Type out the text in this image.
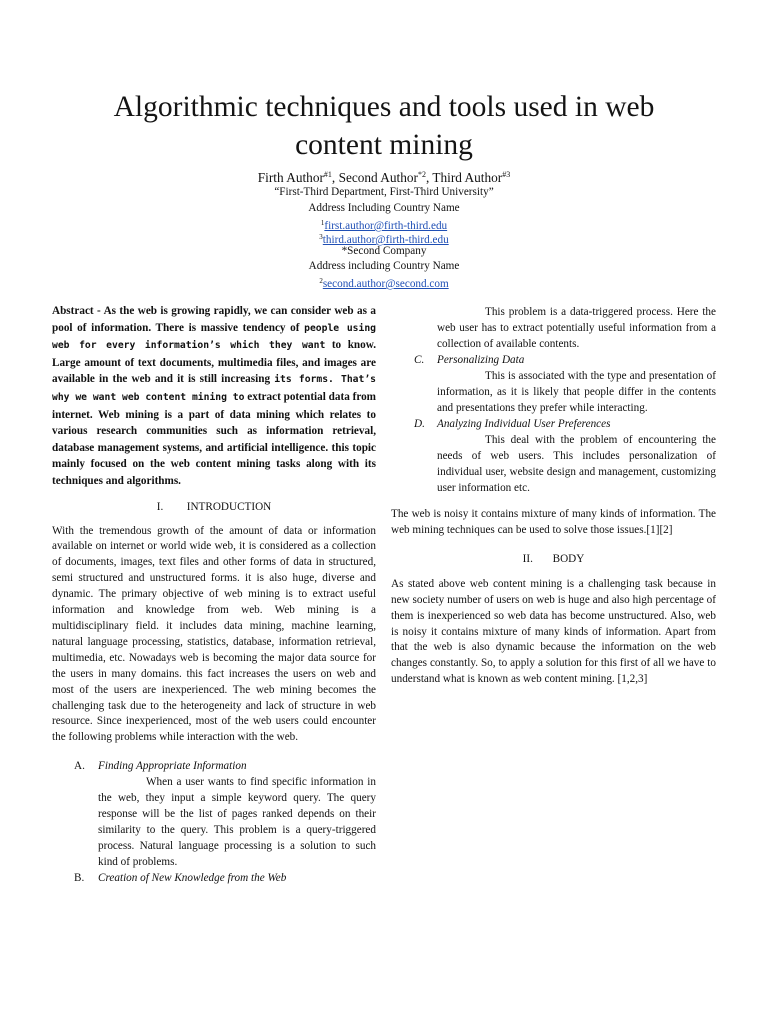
Algorithmic techniques and tools used in web
content mining
Firth Author$^{\#1}$, Second Author$^{*2}$, Third Author$^{\#3}$
“First-Third Department, First-Third University”
Address Including Country Name
$^1$first.author@firth-third.edu
$^3$third.author@firth-third.edu
*Second Company
Address including Country Name
$^2$second.author@second.com
Abstract - As the web is growing rapidly, we can consider web as a pool of information. There is massive tendency of people using web for every information’s which they want to know. Large amount of text documents, multimedia files, and images are available in the web and it is still increasing its forms. That’s why we want web content mining to extract potential data from internet. Web mining is a part of data mining which relates to various research communities such as information retrieval, database management systems, and artificial intelligence. this topic mainly focused on the web content mining tasks along with its techniques and algorithms.
I. INTRODUCTION
With the tremendous growth of the amount of data or information available on internet or world wide web, it is considered as a collection of documents, images, text files and other forms of data in structured, semi structured and unstructured forms. it is also huge, diverse and dynamic. The primary objective of web mining is to extract useful information and knowledge from web. Web mining is a multidisciplinary field. it includes data mining, machine learning, natural language processing, statistics, database, information retrieval, multimedia, etc. Nowadays web is becoming the major data source for the users in many domains. this fact increases the users on web and most of the users are inexperienced. The web mining becomes the challenging task due to the heterogeneity and lack of structure in web resource. Since inexperienced, most of the web users could encounter the following problems while interaction with the web.
A. Finding Appropriate Information
When a user wants to find specific information in the web, they input a simple keyword query. The query response will be the list of pages ranked depends on their similarity to the query. This problem is a query-triggered process. Natural language processing is a solution to such kind of problems.
B. Creation of New Knowledge from the Web
This problem is a data-triggered process. Here the web user has to extract potentially useful information from a collection of available contents.
C. Personalizing Data
This is associated with the type and presentation of information, as it is likely that people differ in the contents and presentations they prefer while interacting.
D. Analyzing Individual User Preferences
This deal with the problem of encountering the needs of web users. This includes personalization of individual user, website design and management, customizing user information etc.
The web is noisy it contains mixture of many kinds of information. The web mining techniques can be used to solve those issues.[1][2]
II. BODY
As stated above web content mining is a challenging task because in new society number of users on web is huge and also high percentage of them is inexperienced so web data has become unstructured. Also, web is noisy it contains mixture of many kinds of information. Apart from that the web is also dynamic because the information on the web changes constantly. So, to apply a solution for this first of all we have to understand what is known as web content mining. [1,2,3]
